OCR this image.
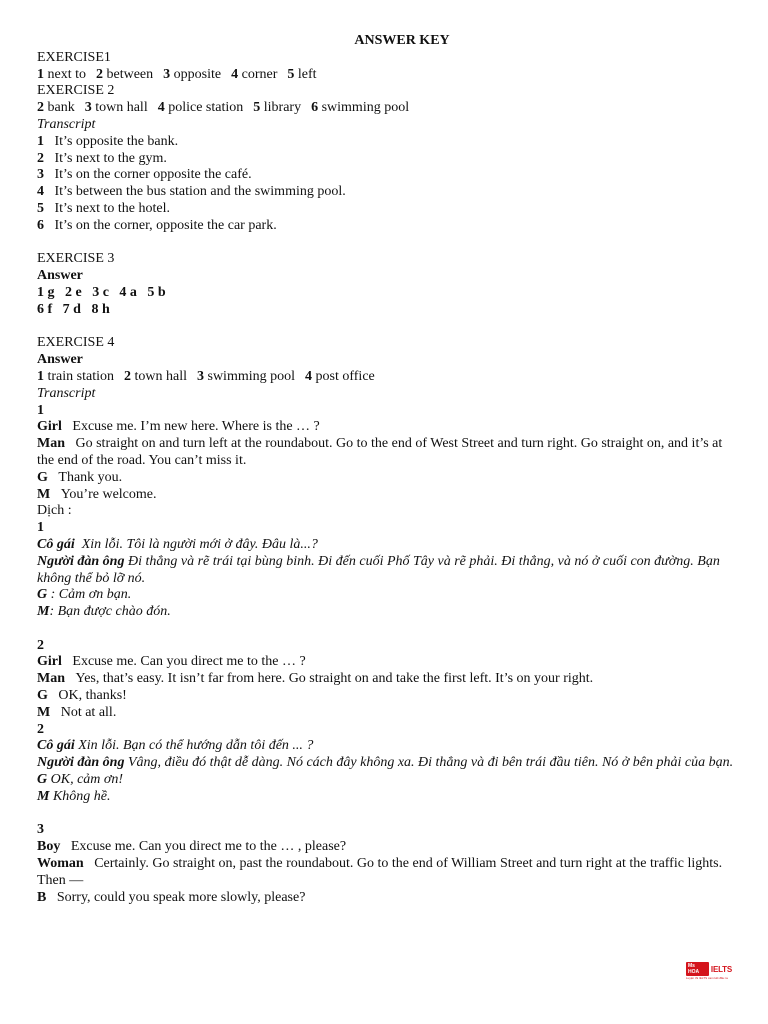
ANSWER KEY
EXERCISE1
1 next to 2 between 3 opposite 4 corner 5 left
EXERCISE 2
2 bank 3 town hall 4 police station 5 library 6 swimming pool
Transcript
1 It’s opposite the bank.
2 It’s next to the gym.
3 It’s on the corner opposite the café.
4 It’s between the bus station and the swimming pool.
5 It’s next to the hotel.
6 It’s on the corner, opposite the car park.
EXERCISE 3
Answer
1 g   2 e   3 c   4 a   5 b
6 f   7 d   8 h
EXERCISE 4
Answer
1 train station 2 town hall 3 swimming pool 4 post office
Transcript
1
Girl Excuse me. I’m new here. Where is the … ?
Man Go straight on and turn left at the roundabout. Go to the end of West Street and turn right. Go straight on, and it’s at the end of the road. You can’t miss it.
G Thank you.
M You’re welcome.
Dịch :
1
Cô gái  Xin lỗi. Tôi là người mới ở đây. Đâu là...?
Người đàn ông Đi thẳng và rẽ trái tại bùng binh. Đi đến cuối Phố Tây và rẽ phải. Đi thẳng, và nó ở cuối con đường. Bạn không thể bỏ lỡ nó.
G : Cảm ơn bạn.
M: Bạn được chào đón.
2
Girl Excuse me. Can you direct me to the … ?
Man Yes, that’s easy. It isn’t far from here. Go straight on and take the first left. It’s on your right.
G OK, thanks!
M Not at all.
2
Cô gái Xin lỗi. Bạn có thể hướng dẫn tôi đến ... ?
Người đàn ông Vâng, điều đó thật dễ dàng. Nó cách đây không xa. Đi thẳng và đi bên trái đầu tiên. Nó ở bên phải của bạn.
G OK, cảm ơn!
M Không hề.
3
Boy Excuse me. Can you direct me to the … , please?
Woman Certainly. Go straight on, past the roundabout. Go to the end of William Street and turn right at the traffic lights. Then —
B Sorry, could you speak more slowly, please?
Ms HOA	IELTS
Luyện thi IELTS cam kết đầu ra
